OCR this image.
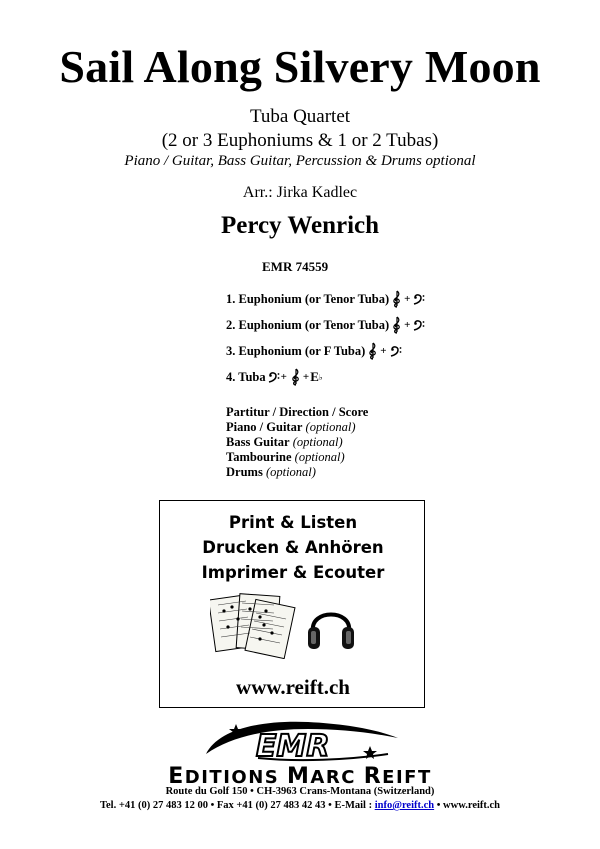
Sail Along Silvery Moon
Tuba Quartet
(2 or 3 Euphoniums & 1 or 2 Tubas)
Piano / Guitar, Bass Guitar, Percussion & Drums optional
Arr.: Jirka Kadlec
Percy Wenrich
EMR 74559
1. Euphonium (or Tenor Tuba) +
2. Euphonium (or Tenor Tuba) +
3. Euphonium (or F Tuba) +
4. Tuba + + E ♭
Partitur / Direction / Score
Piano / Guitar (optional)
Bass Guitar (optional)
Tambourine (optional)
Drums (optional)
Print & Listen
Drucken & Anhören
Imprimer & Ecouter
www.reift.ch
EMR
EDITIONS MARC REIFT
Route du Golf 150 • CH-3963 Crans-Montana (Switzerland)
Tel. +41 (0) 27 483 12 00 • Fax +41 (0) 27 483 42 43 • E-Mail : info@reift.ch • www.reift.ch
